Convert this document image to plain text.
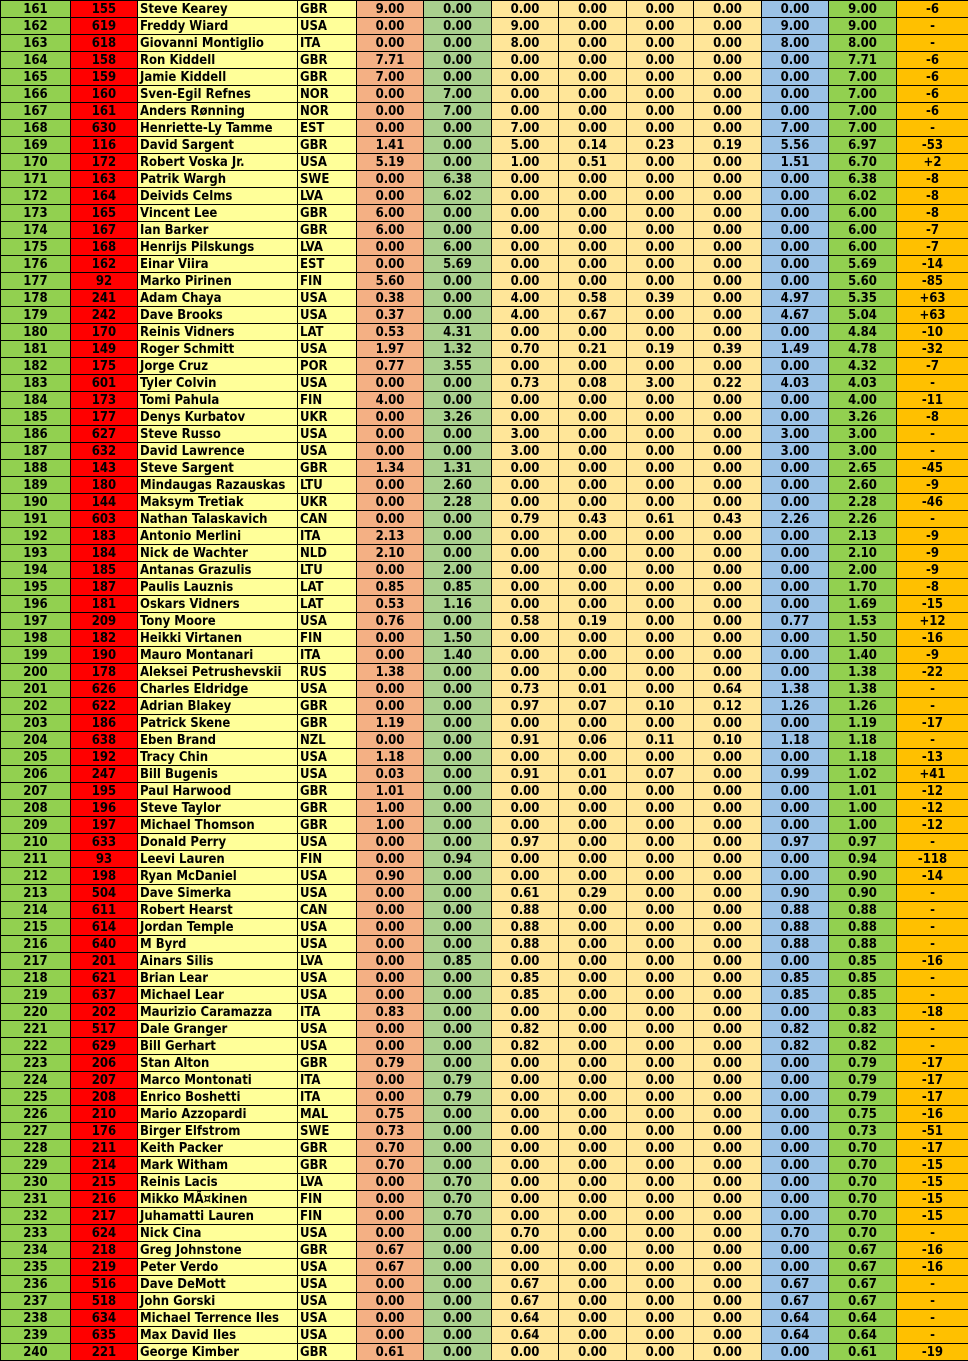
161	155	Steve Kearey	GBR	9.00	0.00	0.00	0.00	0.00	0.00	0.00	9.00	-6
162	619	Freddy Wiard	USA	0.00	0.00	9.00	0.00	0.00	0.00	9.00	9.00	-
163	618	Giovanni Montiglio	ITA	0.00	0.00	8.00	0.00	0.00	0.00	8.00	8.00	-
164	158	Ron Kiddell	GBR	7.71	0.00	0.00	0.00	0.00	0.00	0.00	7.71	-6
165	159	Jamie Kiddell	GBR	7.00	0.00	0.00	0.00	0.00	0.00	0.00	7.00	-6
166	160	Sven-Egil Refnes	NOR	0.00	7.00	0.00	0.00	0.00	0.00	0.00	7.00	-6
167	161	Anders Rønning	NOR	0.00	7.00	0.00	0.00	0.00	0.00	0.00	7.00	-6
168	630	Henriette-Ly Tamme	EST	0.00	0.00	7.00	0.00	0.00	0.00	7.00	7.00	-
169	116	David Sargent	GBR	1.41	0.00	5.00	0.14	0.23	0.19	5.56	6.97	-53
170	172	Robert Voska Jr.	USA	5.19	0.00	1.00	0.51	0.00	0.00	1.51	6.70	+2
171	163	Patrik Wargh	SWE	0.00	6.38	0.00	0.00	0.00	0.00	0.00	6.38	-8
172	164	Deivids Celms	LVA	0.00	6.02	0.00	0.00	0.00	0.00	0.00	6.02	-8
173	165	Vincent Lee	GBR	6.00	0.00	0.00	0.00	0.00	0.00	0.00	6.00	-8
174	167	Ian Barker	GBR	6.00	0.00	0.00	0.00	0.00	0.00	0.00	6.00	-7
175	168	Henrijs Pilskungs	LVA	0.00	6.00	0.00	0.00	0.00	0.00	0.00	6.00	-7
176	162	Einar Viira	EST	0.00	5.69	0.00	0.00	0.00	0.00	0.00	5.69	-14
177	92	Marko Pirinen	FIN	5.60	0.00	0.00	0.00	0.00	0.00	0.00	5.60	-85
178	241	Adam Chaya	USA	0.38	0.00	4.00	0.58	0.39	0.00	4.97	5.35	+63
179	242	Dave Brooks	USA	0.37	0.00	4.00	0.67	0.00	0.00	4.67	5.04	+63
180	170	Reinis Vidners	LAT	0.53	4.31	0.00	0.00	0.00	0.00	0.00	4.84	-10
181	149	Roger Schmitt	USA	1.97	1.32	0.70	0.21	0.19	0.39	1.49	4.78	-32
182	175	Jorge Cruz	POR	0.77	3.55	0.00	0.00	0.00	0.00	0.00	4.32	-7
183	601	Tyler Colvin	USA	0.00	0.00	0.73	0.08	3.00	0.22	4.03	4.03	-
184	173	Tomi Pahula	FIN	4.00	0.00	0.00	0.00	0.00	0.00	0.00	4.00	-11
185	177	Denys Kurbatov	UKR	0.00	3.26	0.00	0.00	0.00	0.00	0.00	3.26	-8
186	627	Steve Russo	USA	0.00	0.00	3.00	0.00	0.00	0.00	3.00	3.00	-
187	632	David Lawrence	USA	0.00	0.00	3.00	0.00	0.00	0.00	3.00	3.00	-
188	143	Steve Sargent	GBR	1.34	1.31	0.00	0.00	0.00	0.00	0.00	2.65	-45
189	180	Mindaugas Razauskas	LTU	0.00	2.60	0.00	0.00	0.00	0.00	0.00	2.60	-9
190	144	Maksym Tretiak	UKR	0.00	2.28	0.00	0.00	0.00	0.00	0.00	2.28	-46
191	603	Nathan Talaskavich	CAN	0.00	0.00	0.79	0.43	0.61	0.43	2.26	2.26	-
192	183	Antonio Merlini	ITA	2.13	0.00	0.00	0.00	0.00	0.00	0.00	2.13	-9
193	184	Nick de Wachter	NLD	2.10	0.00	0.00	0.00	0.00	0.00	0.00	2.10	-9
194	185	Antanas Grazulis	LTU	0.00	2.00	0.00	0.00	0.00	0.00	0.00	2.00	-9
195	187	Paulis Lauznis	LAT	0.85	0.85	0.00	0.00	0.00	0.00	0.00	1.70	-8
196	181	Oskars Vidners	LAT	0.53	1.16	0.00	0.00	0.00	0.00	0.00	1.69	-15
197	209	Tony Moore	USA	0.76	0.00	0.58	0.19	0.00	0.00	0.77	1.53	+12
198	182	Heikki Virtanen	FIN	0.00	1.50	0.00	0.00	0.00	0.00	0.00	1.50	-16
199	190	Mauro Montanari	ITA	0.00	1.40	0.00	0.00	0.00	0.00	0.00	1.40	-9
200	178	Aleksei Petrushevskii	RUS	1.38	0.00	0.00	0.00	0.00	0.00	0.00	1.38	-22
201	626	Charles Eldridge	USA	0.00	0.00	0.73	0.01	0.00	0.64	1.38	1.38	-
202	622	Adrian Blakey	GBR	0.00	0.00	0.97	0.07	0.10	0.12	1.26	1.26	-
203	186	Patrick Skene	GBR	1.19	0.00	0.00	0.00	0.00	0.00	0.00	1.19	-17
204	638	Eben Brand	NZL	0.00	0.00	0.91	0.06	0.11	0.10	1.18	1.18	-
205	192	Tracy Chin	USA	1.18	0.00	0.00	0.00	0.00	0.00	0.00	1.18	-13
206	247	Bill Bugenis	USA	0.03	0.00	0.91	0.01	0.07	0.00	0.99	1.02	+41
207	195	Paul Harwood	GBR	1.01	0.00	0.00	0.00	0.00	0.00	0.00	1.01	-12
208	196	Steve Taylor	GBR	1.00	0.00	0.00	0.00	0.00	0.00	0.00	1.00	-12
209	197	Michael Thomson	GBR	1.00	0.00	0.00	0.00	0.00	0.00	0.00	1.00	-12
210	633	Donald Perry	USA	0.00	0.00	0.97	0.00	0.00	0.00	0.97	0.97	-
211	93	Leevi Lauren	FIN	0.00	0.94	0.00	0.00	0.00	0.00	0.00	0.94	-118
212	198	Ryan McDaniel	USA	0.90	0.00	0.00	0.00	0.00	0.00	0.00	0.90	-14
213	504	Dave Simerka	USA	0.00	0.00	0.61	0.29	0.00	0.00	0.90	0.90	-
214	611	Robert Hearst	CAN	0.00	0.00	0.88	0.00	0.00	0.00	0.88	0.88	-
215	614	Jordan Temple	USA	0.00	0.00	0.88	0.00	0.00	0.00	0.88	0.88	-
216	640	M Byrd	USA	0.00	0.00	0.88	0.00	0.00	0.00	0.88	0.88	-
217	201	Ainars Silis	LVA	0.00	0.85	0.00	0.00	0.00	0.00	0.00	0.85	-16
218	621	Brian Lear	USA	0.00	0.00	0.85	0.00	0.00	0.00	0.85	0.85	-
219	637	Michael Lear	USA	0.00	0.00	0.85	0.00	0.00	0.00	0.85	0.85	-
220	202	Maurizio Caramazza	ITA	0.83	0.00	0.00	0.00	0.00	0.00	0.00	0.83	-18
221	517	Dale Granger	USA	0.00	0.00	0.82	0.00	0.00	0.00	0.82	0.82	-
222	629	Bill Gerhart	USA	0.00	0.00	0.82	0.00	0.00	0.00	0.82	0.82	-
223	206	Stan Alton	GBR	0.79	0.00	0.00	0.00	0.00	0.00	0.00	0.79	-17
224	207	Marco Montonati	ITA	0.00	0.79	0.00	0.00	0.00	0.00	0.00	0.79	-17
225	208	Enrico Boshetti	ITA	0.00	0.79	0.00	0.00	0.00	0.00	0.00	0.79	-17
226	210	Mario Azzopardi	MAL	0.75	0.00	0.00	0.00	0.00	0.00	0.00	0.75	-16
227	176	Birger Elfstrom	SWE	0.73	0.00	0.00	0.00	0.00	0.00	0.00	0.73	-51
228	211	Keith Packer	GBR	0.70	0.00	0.00	0.00	0.00	0.00	0.00	0.70	-17
229	214	Mark Witham	GBR	0.70	0.00	0.00	0.00	0.00	0.00	0.00	0.70	-15
230	215	Reinis Lacis	LVA	0.00	0.70	0.00	0.00	0.00	0.00	0.00	0.70	-15
231	216	Mikko MÃ¤kinen	FIN	0.00	0.70	0.00	0.00	0.00	0.00	0.00	0.70	-15
232	217	Juhamatti Lauren	FIN	0.00	0.70	0.00	0.00	0.00	0.00	0.00	0.70	-15
233	624	Nick Cina	USA	0.00	0.00	0.70	0.00	0.00	0.00	0.70	0.70	-
234	218	Greg Johnstone	GBR	0.67	0.00	0.00	0.00	0.00	0.00	0.00	0.67	-16
235	219	Peter Verdo	USA	0.67	0.00	0.00	0.00	0.00	0.00	0.00	0.67	-16
236	516	Dave DeMott	USA	0.00	0.00	0.67	0.00	0.00	0.00	0.67	0.67	-
237	518	John Gorski	USA	0.00	0.00	0.67	0.00	0.00	0.00	0.67	0.67	-
238	634	Michael Terrence Iles	USA	0.00	0.00	0.64	0.00	0.00	0.00	0.64	0.64	-
239	635	Max David Iles	USA	0.00	0.00	0.64	0.00	0.00	0.00	0.64	0.64	-
240	221	George Kimber	GBR	0.61	0.00	0.00	0.00	0.00	0.00	0.00	0.61	-19
